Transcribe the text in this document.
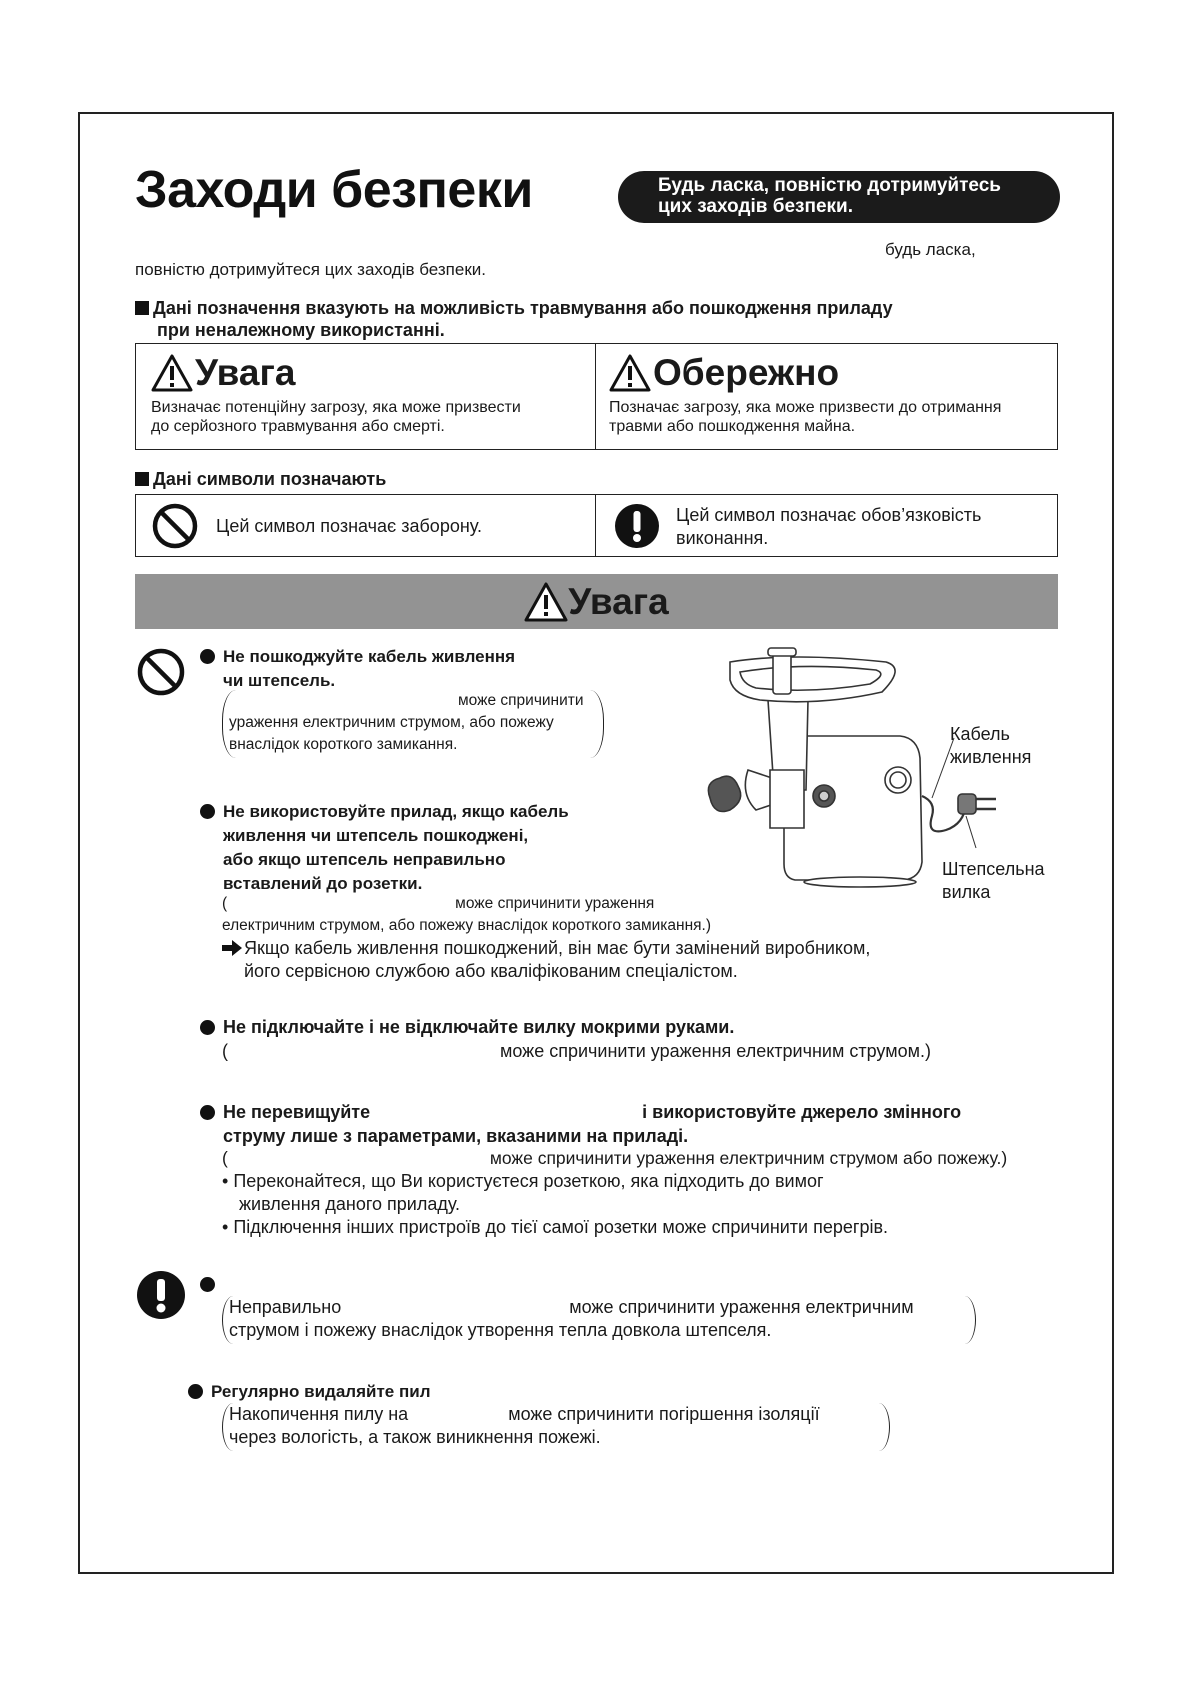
Заходи безпеки	Будь ласка, повністю дотримуйтесь
цих заходів безпеки.
будь ласка,
повністю дотримуйтеся цих заходів безпеки.
Дані позначення вказують на можливість травмування або пошкодження приладу
при неналежному використанні.
Увага
Визначає потенційну загрозу, яка може призвести
до серйозного травмування або смерті.
Обережно
Позначає загрозу, яка може призвести до отримання
травми або пошкодження майна.
Дані символи позначають
Цей символ позначає заборону.
Цей символ позначає обов’язковість
виконання.
Увага
Не пошкоджуйте кабель живлення
чи штепсель.
може спричинити
ураження електричним струмом, або пожежу
внаслідок короткого замикання.
Не використовуйте прилад, якщо кабель
живлення чи штепсель пошкоджені,
або якщо штепсель неправильно
вставлений до розетки.
(	може спричинити ураження
електричним струмом, або пожежу внаслідок короткого замикання.)
Якщо кабель живлення пошкоджений, він має бути замінений виробником,
його сервісною службою або кваліфікованим спеціалістом.
Не підключайте і не відключайте вилку мокрими руками.
(	може спричинити ураження електричним струмом.)
Не перевищуйте	і використовуйте джерело змінного
струму лише з параметрами, вказаними на приладі.
(	може спричинити ураження електричним струмом або пожежу.)
• Переконайтеся, що Ви користуєтеся розеткою, яка підходить до вимог
живлення даного приладу.
• Підключення інших пристроїв до тієї самої розетки може спричинити перегрів.
Неправильно	може спричинити ураження електричним
струмом і пожежу внаслідок утворення тепла довкола штепселя.
Регулярно видаляйте пил
Накопичення пилу на	може спричинити погіршення ізоляції
через вологість, а також виникнення пожежі.
Кабель
живлення
Штепсельна
вилка
